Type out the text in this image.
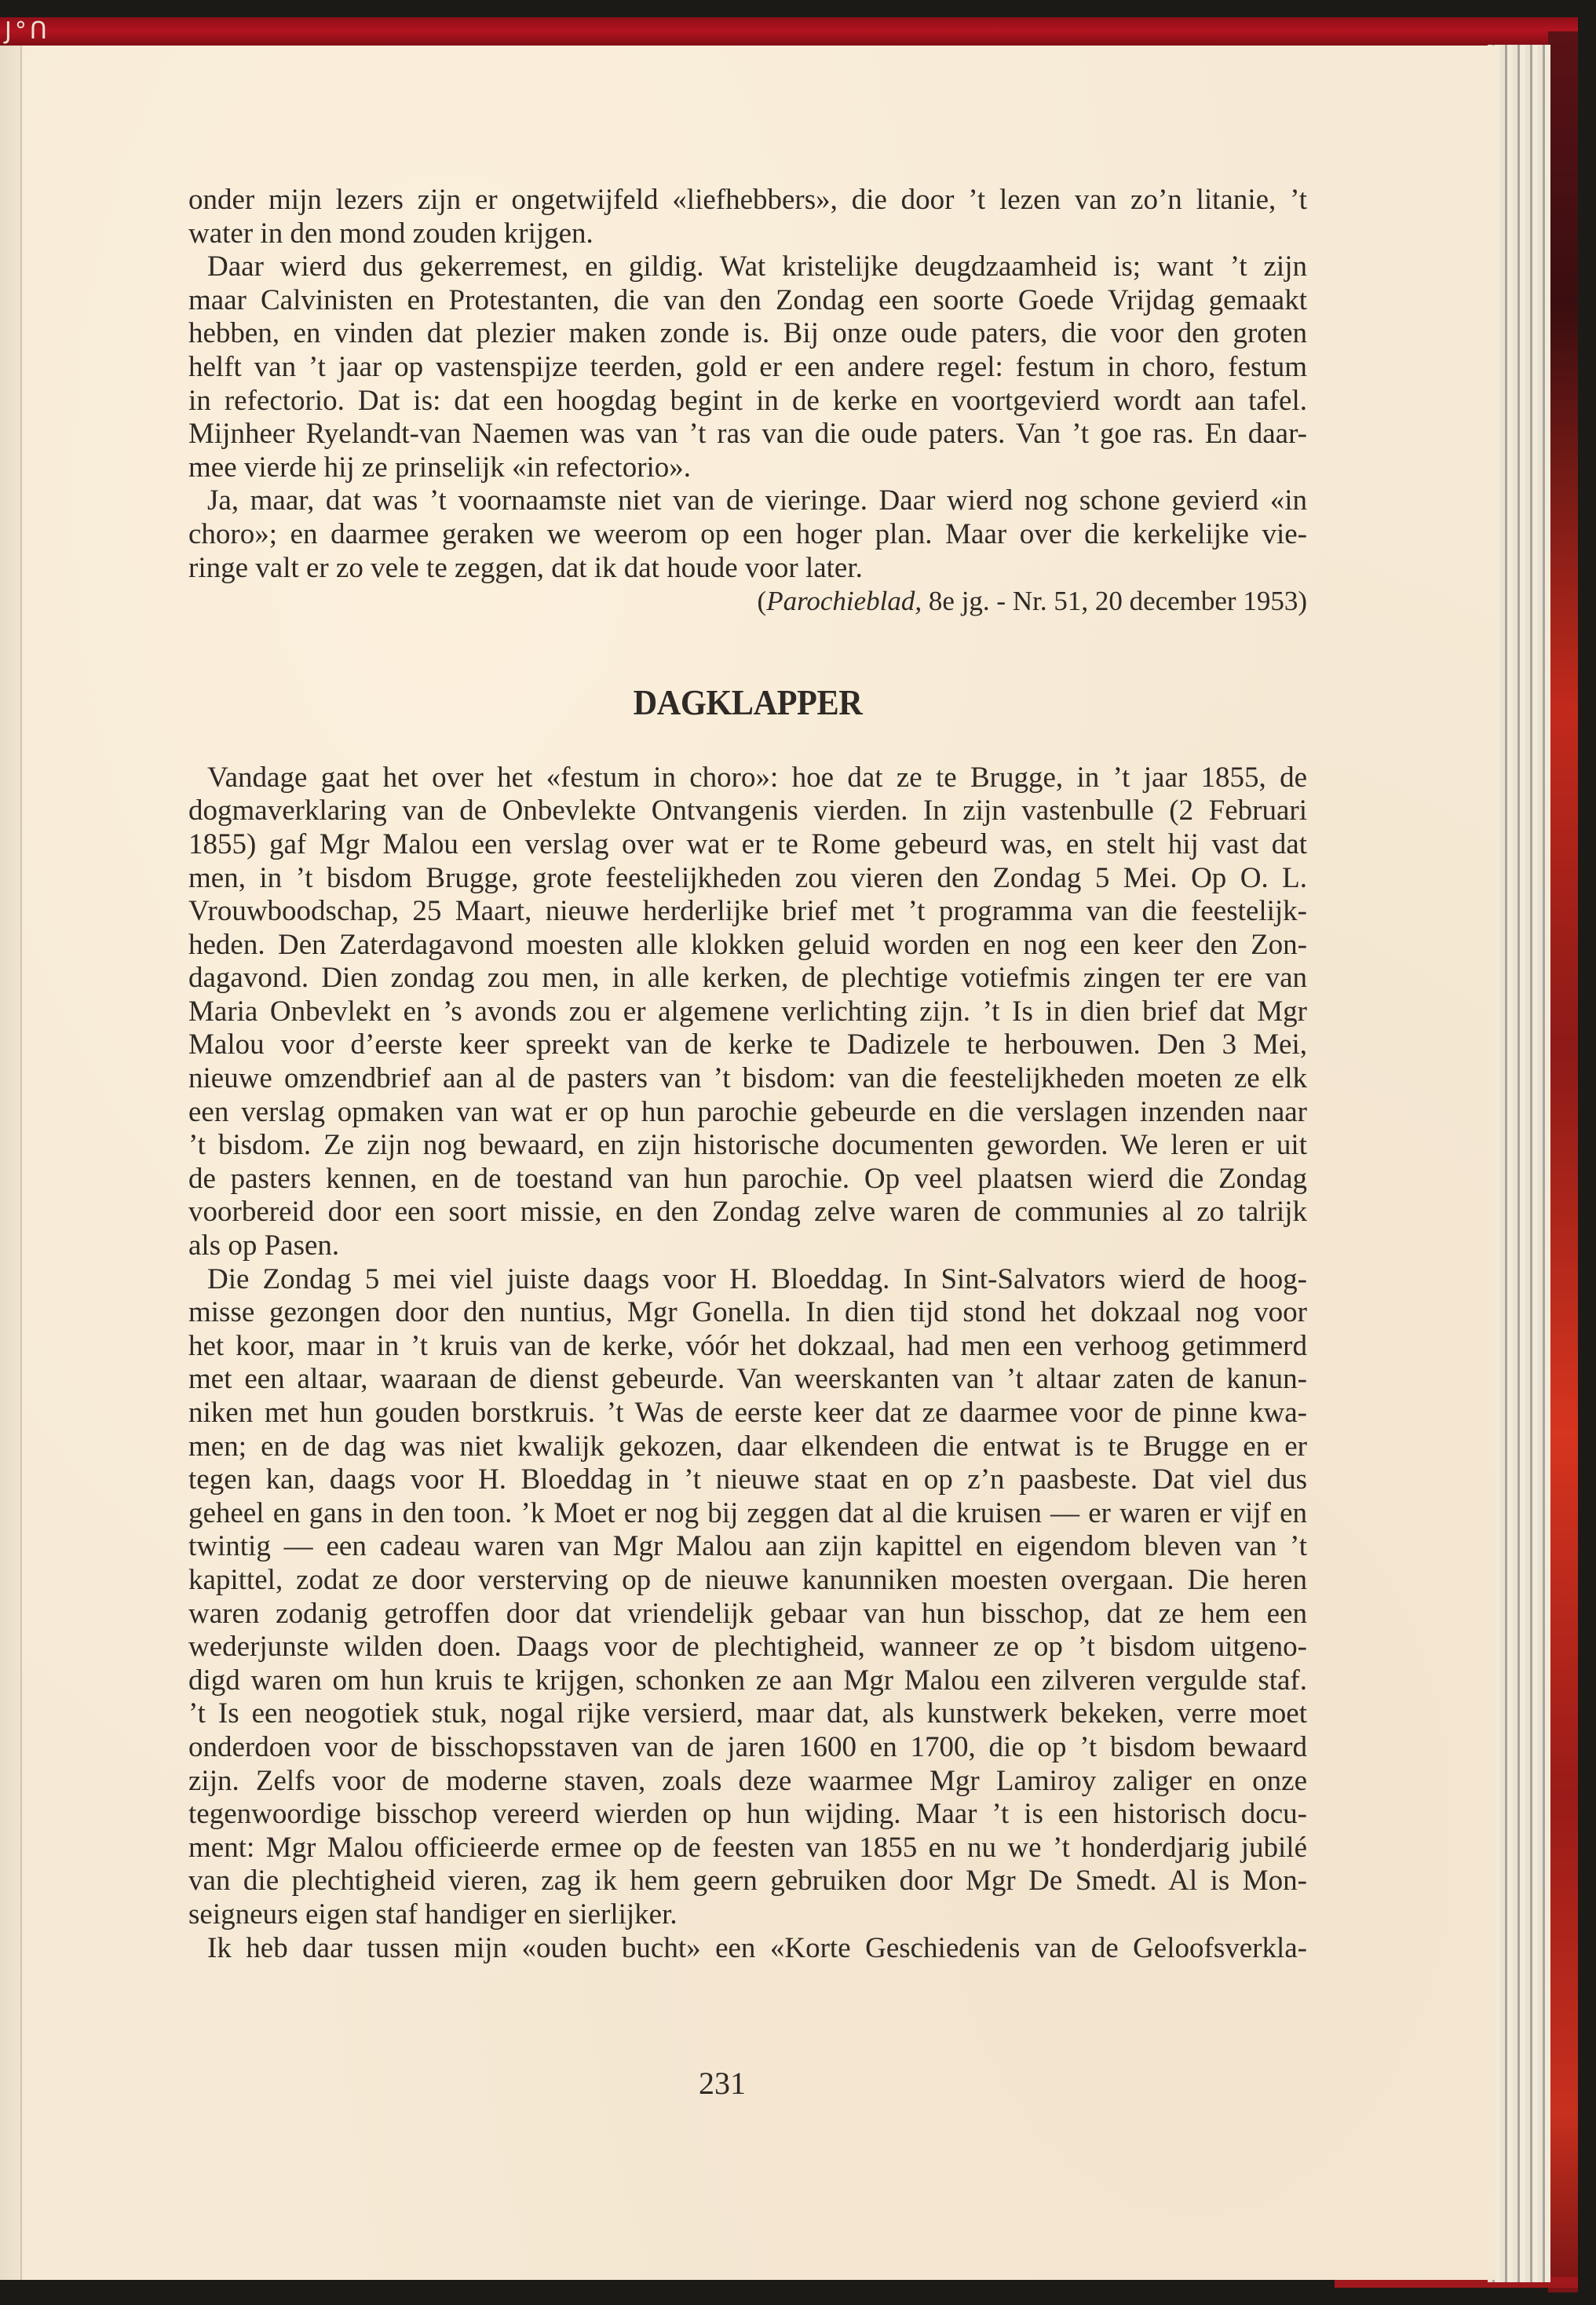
J°Ո
onder mijn lezers zijn er ongetwijfeld «liefhebbers», die door ’t lezen van zo’n litanie, ’t
water in den mond zouden krijgen.
Daar wierd dus gekerremest, en gildig. Wat kristelijke deugdzaamheid is; want ’t zijn
maar Calvinisten en Protestanten, die van den Zondag een soorte Goede Vrijdag gemaakt
hebben, en vinden dat plezier maken zonde is. Bij onze oude paters, die voor den groten
helft van ’t jaar op vastenspijze teerden, gold er een andere regel: festum in choro, festum
in refectorio. Dat is: dat een hoogdag begint in de kerke en voortgevierd wordt aan tafel.
Mijnheer Ryelandt-van Naemen was van ’t ras van die oude paters. Van ’t goe ras. En daar-
mee vierde hij ze prinselijk «in refectorio».
Ja, maar, dat was ’t voornaamste niet van de vieringe. Daar wierd nog schone gevierd «in
choro»; en daarmee geraken we weerom op een hoger plan. Maar over die kerkelijke vie-
ringe valt er zo vele te zeggen, dat ik dat houde voor later.
(Parochieblad, 8e jg. - Nr. 51, 20 december 1953)
DAGKLAPPER
Vandage gaat het over het «festum in choro»: hoe dat ze te Brugge, in ’t jaar 1855, de
dogmaverklaring van de Onbevlekte Ontvangenis vierden. In zijn vastenbulle (2 Februari
1855) gaf Mgr Malou een verslag over wat er te Rome gebeurd was, en stelt hij vast dat
men, in ’t bisdom Brugge, grote feestelijkheden zou vieren den Zondag 5 Mei. Op O. L.
Vrouwboodschap, 25 Maart, nieuwe herderlijke brief met ’t programma van die feestelijk-
heden. Den Zaterdagavond moesten alle klokken geluid worden en nog een keer den Zon-
dagavond. Dien zondag zou men, in alle kerken, de plechtige votiefmis zingen ter ere van
Maria Onbevlekt en ’s avonds zou er algemene verlichting zijn. ’t Is in dien brief dat Mgr
Malou voor d’eerste keer spreekt van de kerke te Dadizele te herbouwen. Den 3 Mei,
nieuwe omzendbrief aan al de pasters van ’t bisdom: van die feestelijkheden moeten ze elk
een verslag opmaken van wat er op hun parochie gebeurde en die verslagen inzenden naar
’t bisdom. Ze zijn nog bewaard, en zijn historische documenten geworden. We leren er uit
de pasters kennen, en de toestand van hun parochie. Op veel plaatsen wierd die Zondag
voorbereid door een soort missie, en den Zondag zelve waren de communies al zo talrijk
als op Pasen.
Die Zondag 5 mei viel juiste daags voor H. Bloeddag. In Sint-Salvators wierd de hoog-
misse gezongen door den nuntius, Mgr Gonella. In dien tijd stond het dokzaal nog voor
het koor, maar in ’t kruis van de kerke, vóór het dokzaal, had men een verhoog getimmerd
met een altaar, waaraan de dienst gebeurde. Van weerskanten van ’t altaar zaten de kanun-
niken met hun gouden borstkruis. ’t Was de eerste keer dat ze daarmee voor de pinne kwa-
men; en de dag was niet kwalijk gekozen, daar elkendeen die entwat is te Brugge en er
tegen kan, daags voor H. Bloeddag in ’t nieuwe staat en op z’n paasbeste. Dat viel dus
geheel en gans in den toon. ’k Moet er nog bij zeggen dat al die kruisen — er waren er vijf en
twintig — een cadeau waren van Mgr Malou aan zijn kapittel en eigendom bleven van ’t
kapittel, zodat ze door versterving op de nieuwe kanunniken moesten overgaan. Die heren
waren zodanig getroffen door dat vriendelijk gebaar van hun bisschop, dat ze hem een
wederjunste wilden doen. Daags voor de plechtigheid, wanneer ze op ’t bisdom uitgeno-
digd waren om hun kruis te krijgen, schonken ze aan Mgr Malou een zilveren vergulde staf.
’t Is een neogotiek stuk, nogal rijke versierd, maar dat, als kunstwerk bekeken, verre moet
onderdoen voor de bisschopsstaven van de jaren 1600 en 1700, die op ’t bisdom bewaard
zijn. Zelfs voor de moderne staven, zoals deze waarmee Mgr Lamiroy zaliger en onze
tegenwoordige bisschop vereerd wierden op hun wijding. Maar ’t is een historisch docu-
ment: Mgr Malou officieerde ermee op de feesten van 1855 en nu we ’t honderdjarig jubilé
van die plechtigheid vieren, zag ik hem geern gebruiken door Mgr De Smedt. Al is Mon-
seigneurs eigen staf handiger en sierlijker.
Ik heb daar tussen mijn «ouden bucht» een «Korte Geschiedenis van de Geloofsverkla-
231
